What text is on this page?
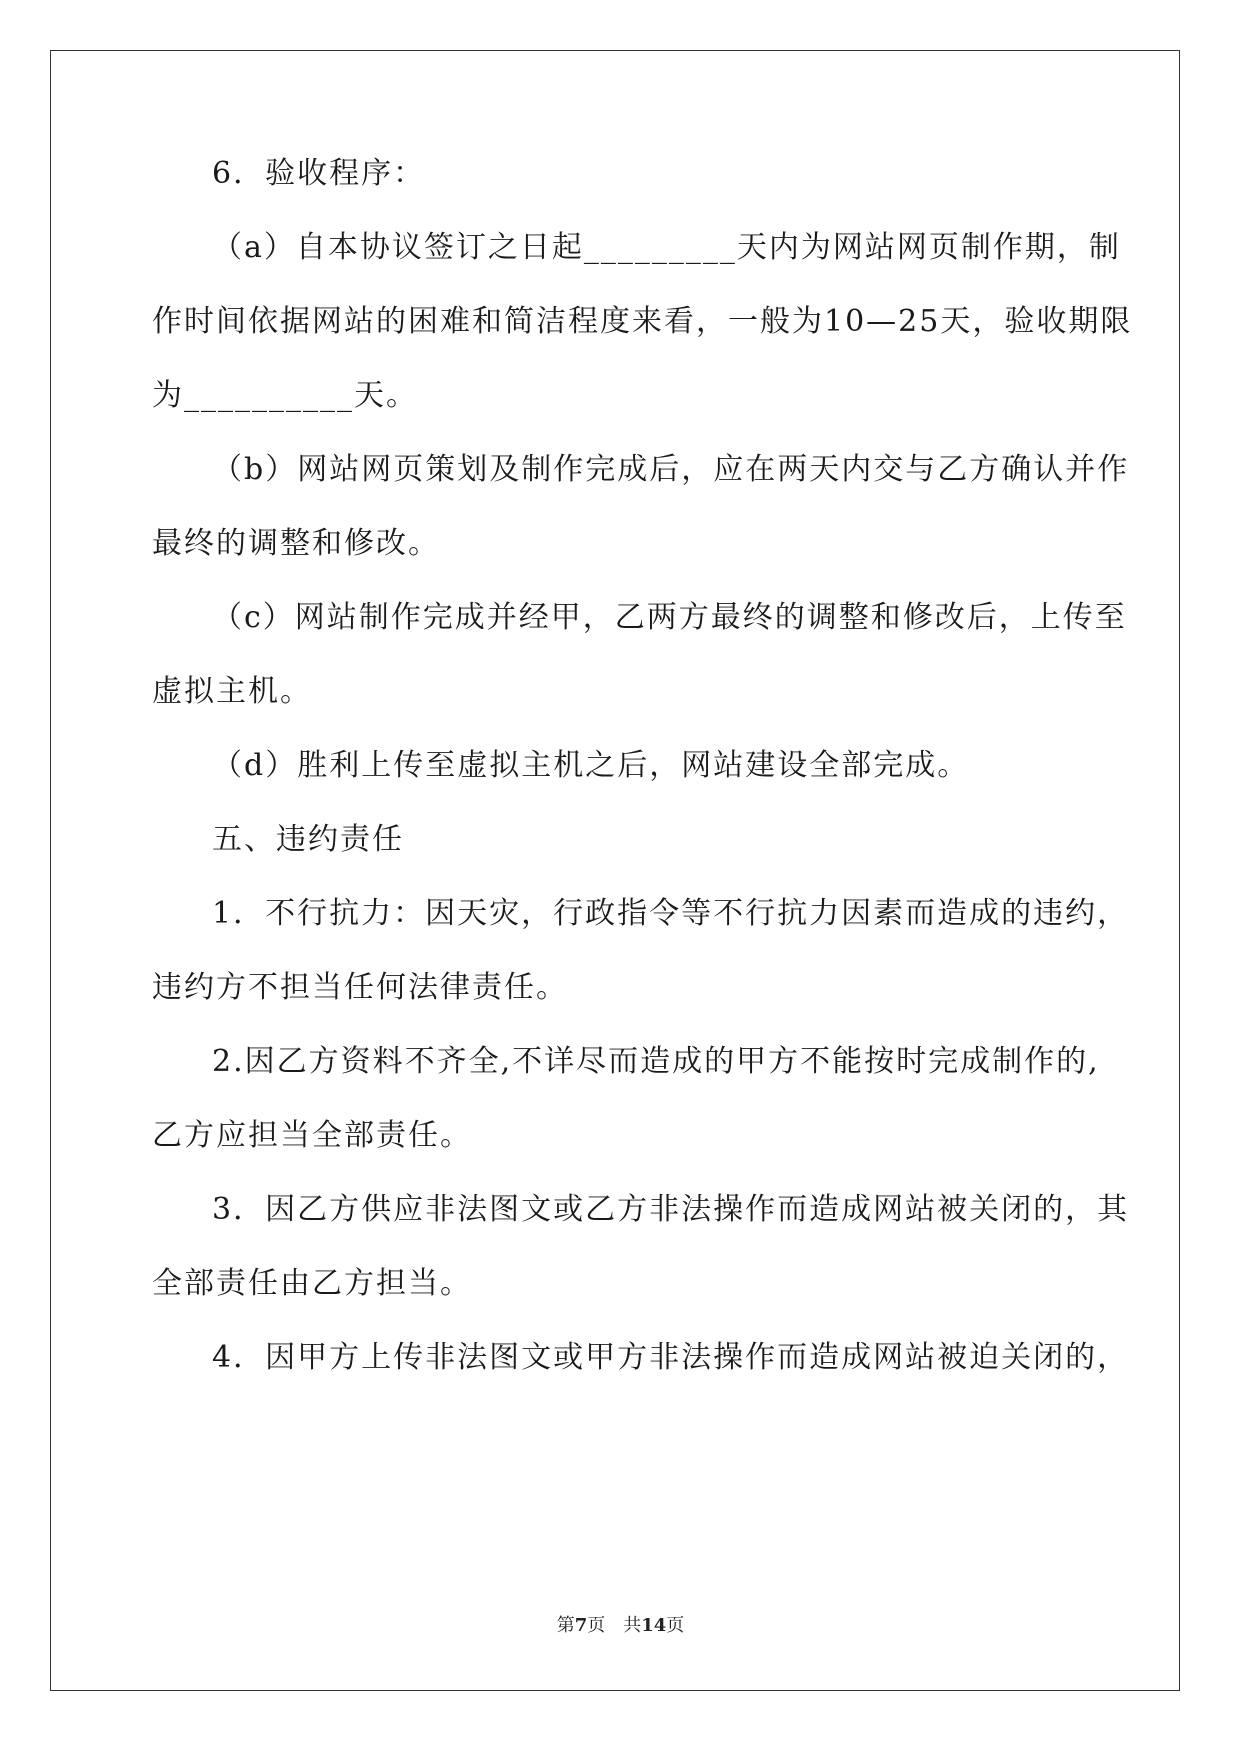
6．验收程序：
（a）自本协议签订之日起_________天内为网站网页制作期，制
作时间依据网站的困难和简洁程度来看，一般为10—25天，验收期限
为__________天。
（b）网站网页策划及制作完成后，应在两天内交与乙方确认并作
最终的调整和修改。
（c）网站制作完成并经甲，乙两方最终的调整和修改后，上传至
虚拟主机。
（d）胜利上传至虚拟主机之后，网站建设全部完成。
五、违约责任
1．不行抗力：因天灾，行政指令等不行抗力因素而造成的违约，
违约方不担当任何法律责任。
2.因乙方资料不齐全,不详尽而造成的甲方不能按时完成制作的,
乙方应担当全部责任。
3．因乙方供应非法图文或乙方非法操作而造成网站被关闭的，其
全部责任由乙方担当。
4．因甲方上传非法图文或甲方非法操作而造成网站被迫关闭的，
第7页　共14页
